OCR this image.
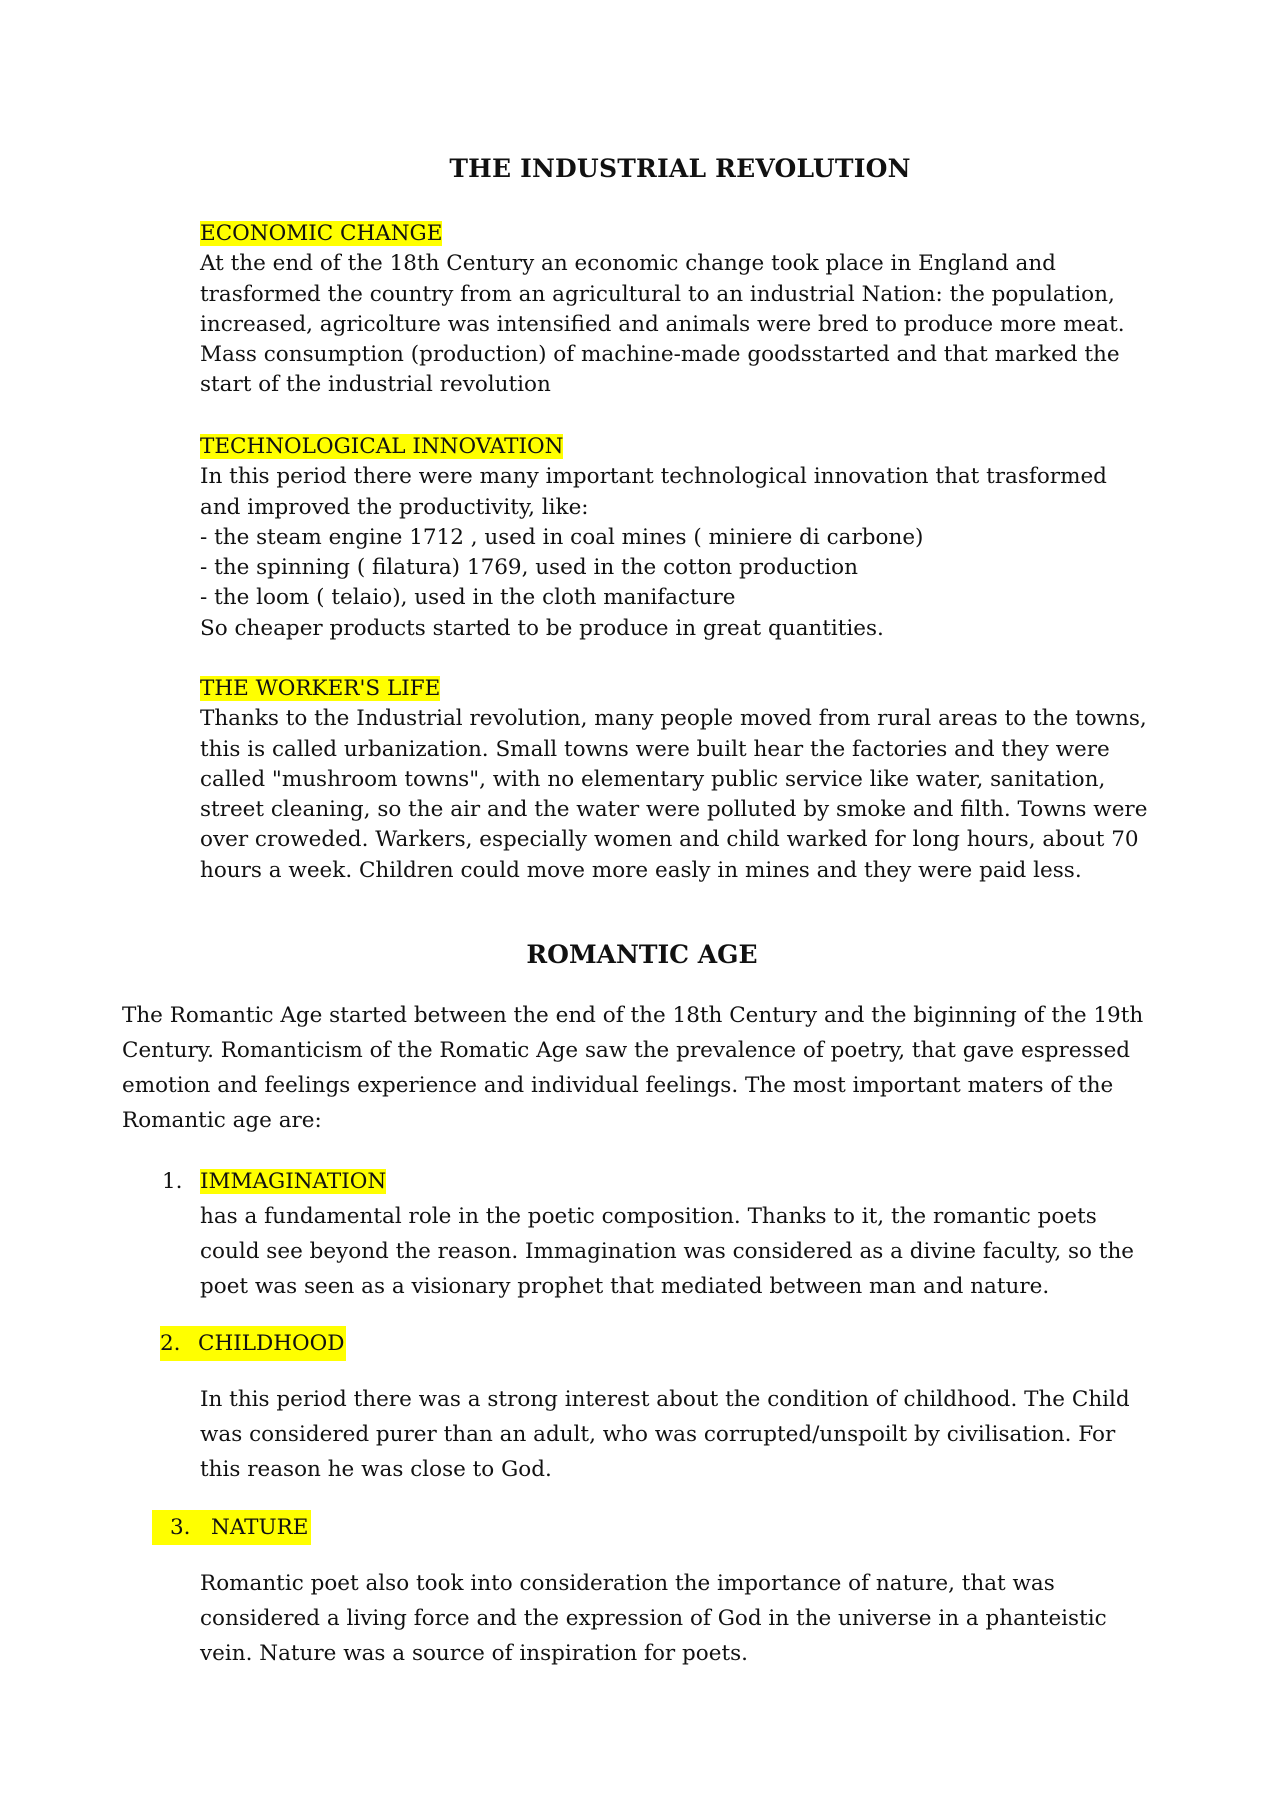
THE INDUSTRIAL REVOLUTION
ECONOMIC CHANGE
At the end of the 18th Century an economic change took place in England and
trasformed the country from an agricultural to an industrial Nation: the population,
increased, agricolture was intensified and animals were bred to produce more meat.
Mass consumption (production) of machine-made goodsstarted and that marked the
start of the industrial revolution
TECHNOLOGICAL INNOVATION
In this period there were many important technological innovation that trasformed
and improved the productivity, like:
- the steam engine 1712 , used in coal mines ( miniere di carbone)
- the spinning ( filatura) 1769, used in the cotton production
- the loom ( telaio), used in the cloth manifacture
So cheaper products started to be produce in great quantities.
THE WORKER'S LIFE
Thanks to the Industrial revolution, many people moved from rural areas to the towns,
this is called urbanization. Small towns were built hear the factories and they were
called "mushroom towns", with no elementary public service like water, sanitation,
street cleaning, so the air and the water were polluted by smoke and filth. Towns were
over croweded. Warkers, especially women and child warked for long hours, about 70
hours a week. Children could move more easly in mines and they were paid less.
ROMANTIC AGE
The Romantic Age started between the end of the 18th Century and the biginning of the 19th
Century. Romanticism of the Romatic Age saw the prevalence of poetry, that gave espressed
emotion and feelings experience and individual feelings. The most important maters of the
Romantic age are:
1. IMMAGINATION
has a fundamental role in the poetic composition. Thanks to it, the romantic poets
could see beyond the reason. Immagination was considered as a divine faculty, so the
poet was seen as a visionary prophet that mediated between man and nature.
2. CHILDHOOD
In this period there was a strong interest about the condition of childhood. The Child
was considered purer than an adult, who was corrupted/unspoilt by civilisation. For
this reason he was close to God.
3. NATURE
Romantic poet also took into consideration the importance of nature, that was
considered a living force and the expression of God in the universe in a phanteistic
vein. Nature was a source of inspiration for poets.
